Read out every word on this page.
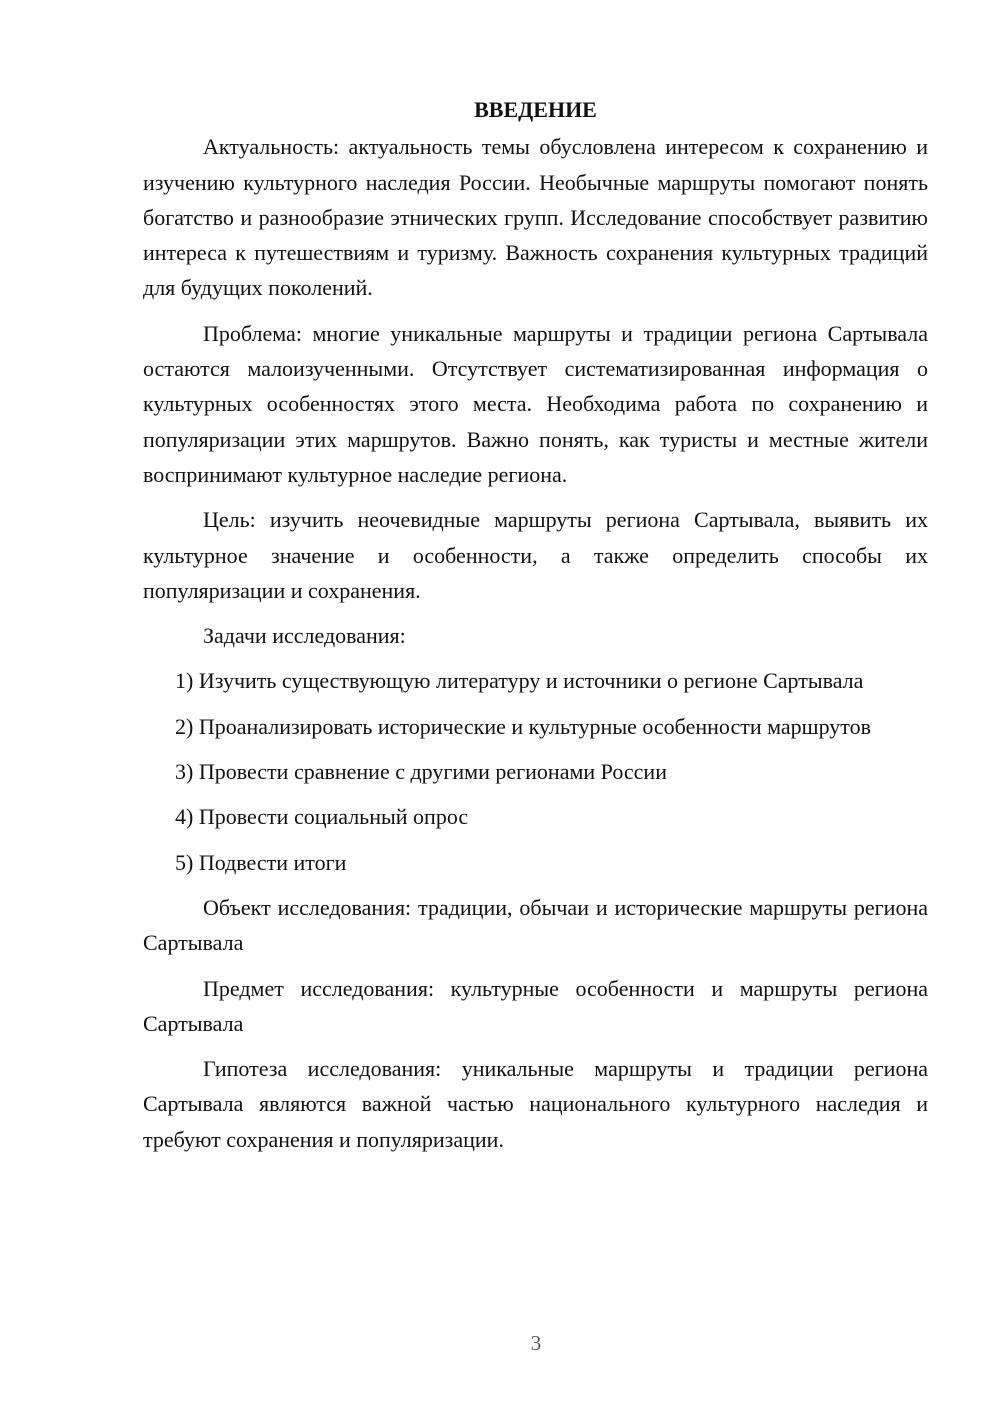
ВВЕДЕНИЕ

Актуальность: актуальность темы обусловлена интересом к сохранению и изучению культурного наследия России. Необычные маршруты помогают понять богатство и разнообразие этнических групп. Исследование способствует развитию интереса к путешествиям и туризму. Важность сохранения культурных традиций для будущих поколений.

Проблема: многие уникальные маршруты и традиции региона Сартывала остаются малоизученными. Отсутствует систематизированная информация о культурных особенностях этого места. Необходима работа по сохранению и популяризации этих маршрутов. Важно понять, как туристы и местные жители воспринимают культурное наследие региона.

Цель: изучить неочевидные маршруты региона Сартывала, выявить их культурное значение и особенности, а также определить способы их популяризации и сохранения.

Задачи исследования:

1) Изучить существующую литературу и источники о регионе Сартывала

2) Проанализировать исторические и культурные особенности маршрутов

3) Провести сравнение с другими регионами России

4) Провести социальный опрос

5) Подвести итоги

Объект исследования: традиции, обычаи и исторические маршруты региона Сартывала

Предмет исследования: культурные особенности и маршруты региона Сартывала

Гипотеза исследования: уникальные маршруты и традиции региона Сартывала являются важной частью национального культурного наследия и требуют сохранения и популяризации.

3
